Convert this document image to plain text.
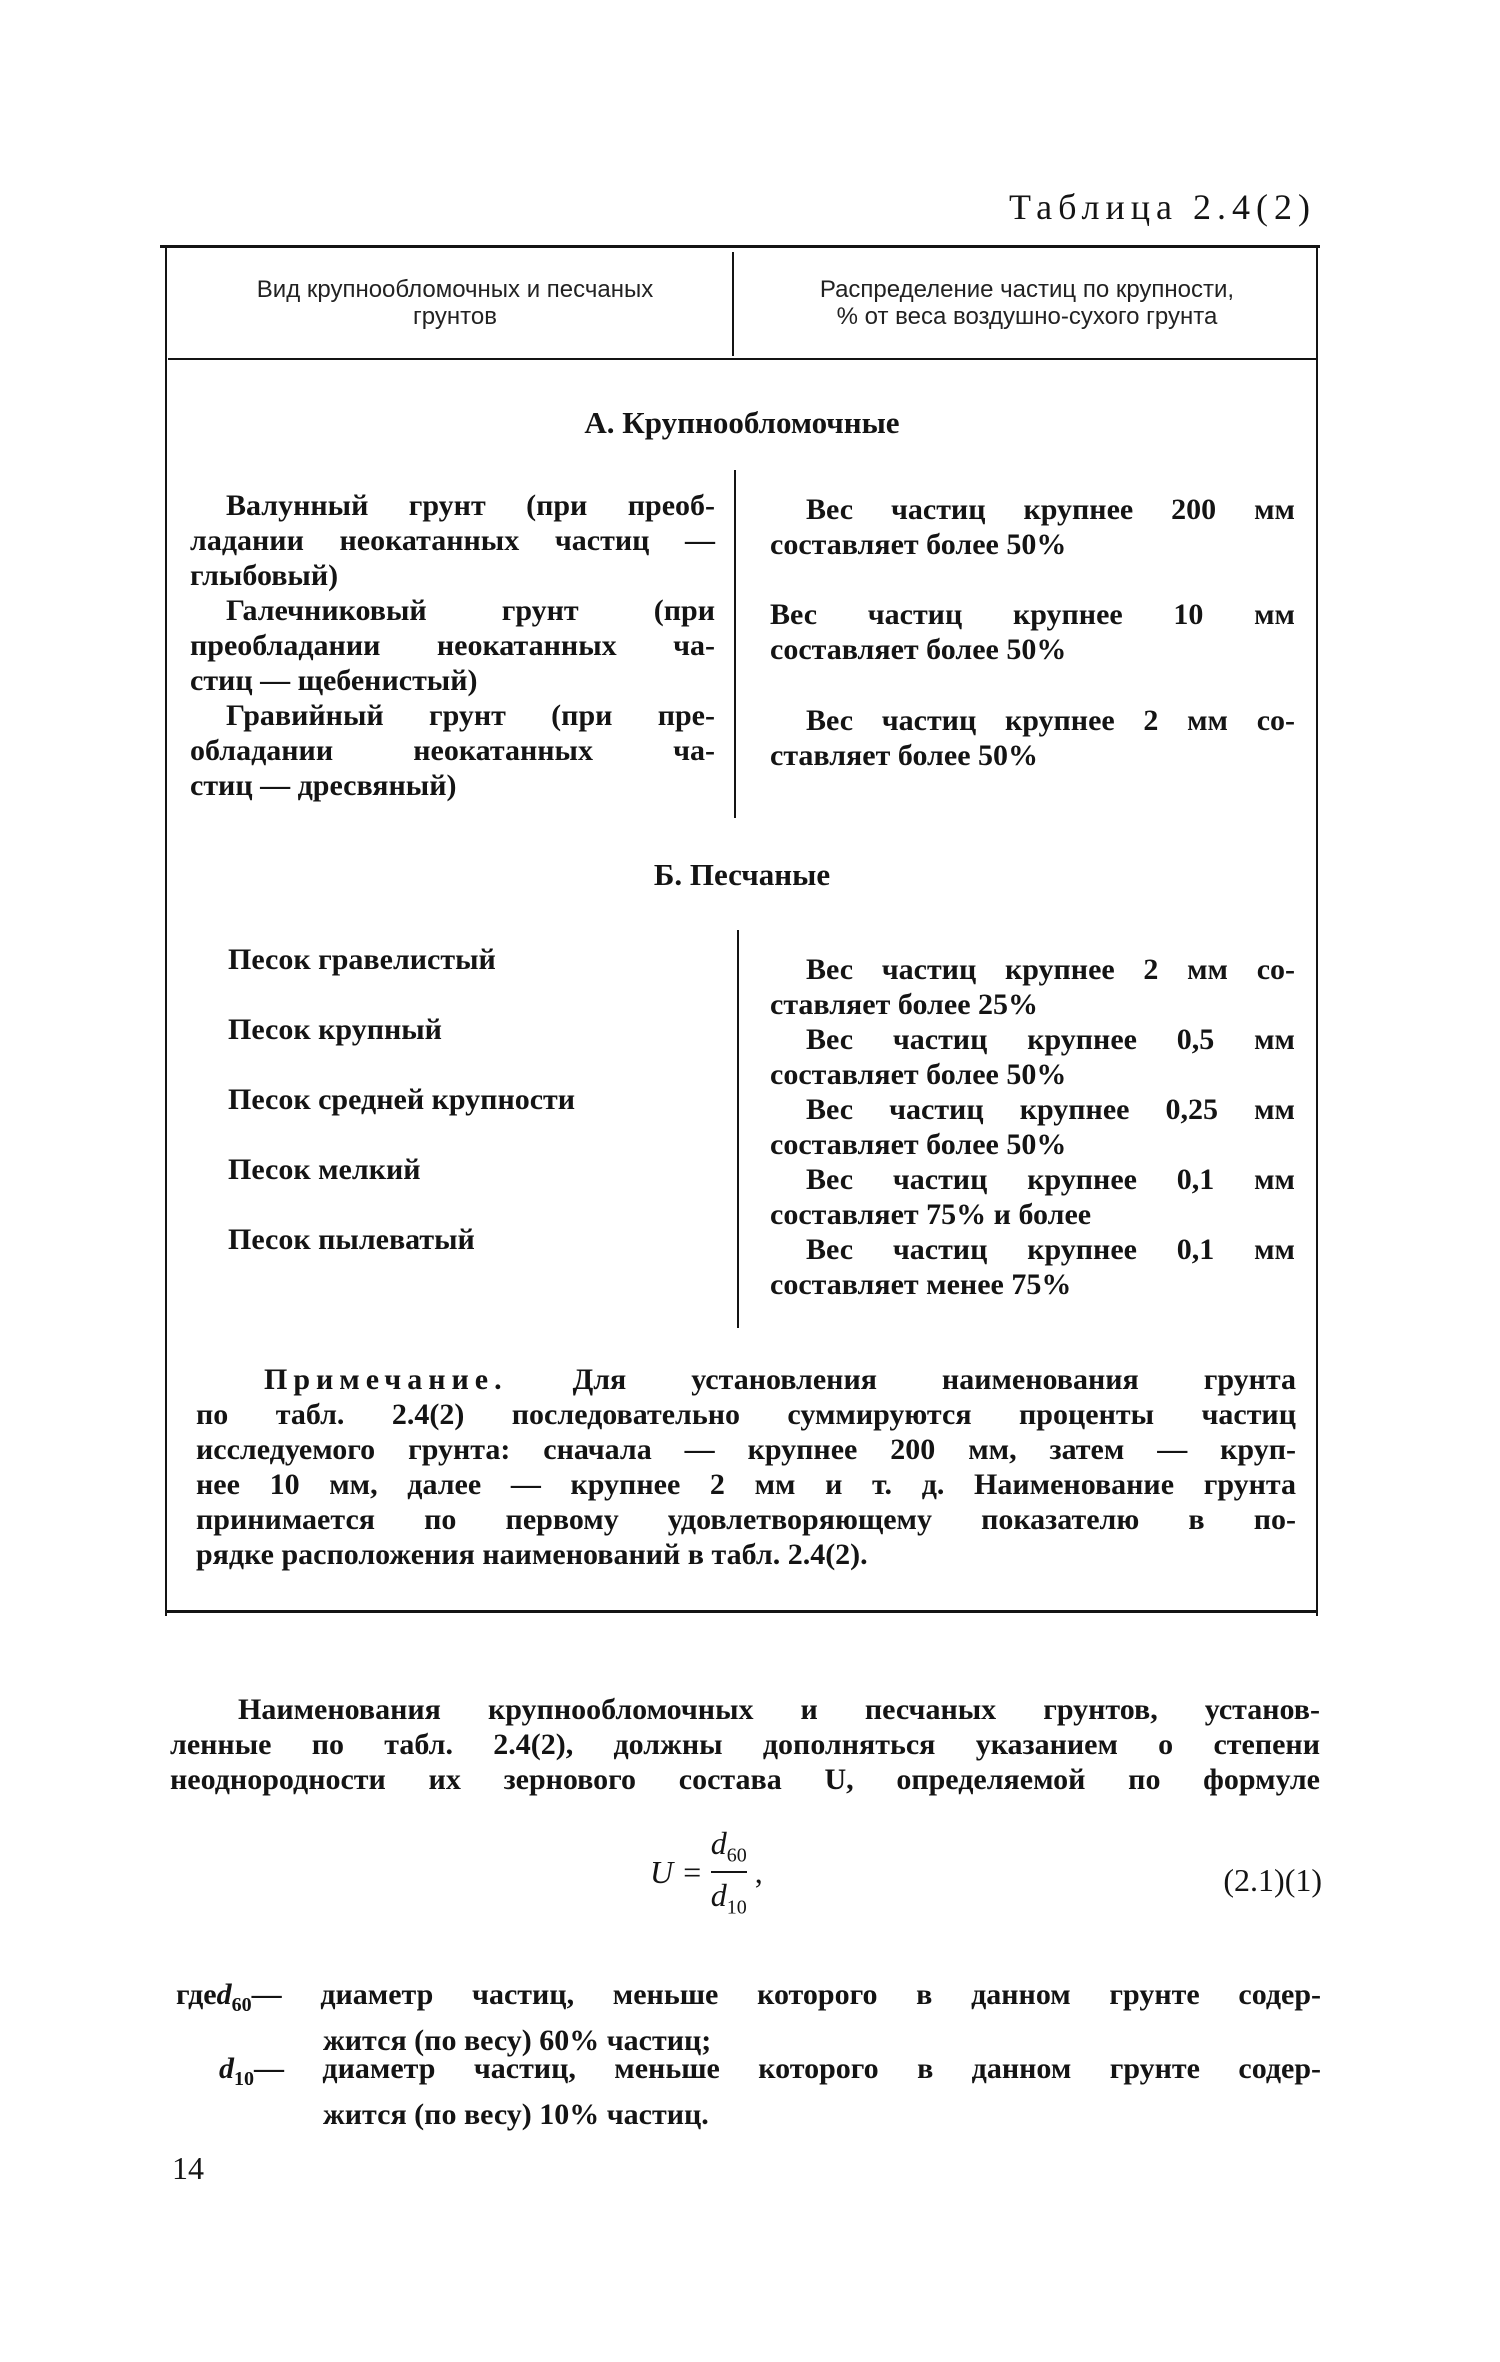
Таблица 2.4(2)
Вид крупнообломочных и песчаных
грунтов
Распределение частиц по крупности,
% от веса воздушно-сухого грунта
А. Крупнообломочные
Валунный грунт (при преоб-
ладании неокатанных частиц —
глыбовый)
Галечниковый грунт (при
преобладании неокатанных ча-
стиц — щебенистый)
Гравийный грунт (при пре-
обладании неокатанных ча-
стиц — дресвяный)
Вес частиц крупнее 200 мм
составляет более 50%
Вес частиц крупнее 10 мм
составляет более 50%
Вес частиц крупнее 2 мм со-
ставляет более 50%
Б. Песчаные
Песок гравелистый
Песок крупный
Песок средней крупности
Песок мелкий
Песок пылеватый
Вес частиц крупнее 2 мм со-
ставляет более 25%
Вес частиц крупнее 0,5 мм
составляет более 50%
Вес частиц крупнее 0,25 мм
составляет более 50%
Вес частиц крупнее 0,1 мм
составляет 75% и более
Вес частиц крупнее 0,1 мм
составляет менее 75%
Примечание. Для установления наименования грунта
по табл. 2.4(2) последовательно суммируются проценты частиц
исследуемого грунта: сначала — крупнее 200 мм, затем — круп-
нее 10 мм, далее — крупнее 2 мм и т. д. Наименование грунта
принимается по первому удовлетворяющему показателю в по-
рядке расположения наименований в табл. 2.4(2).
Наименования крупнообломочных и песчаных грунтов, установ-
ленные по табл. 2.4(2), должны дополняться указанием о степени
неоднородности их зернового состава U, определяемой по формуле
$U = \frac{d_{60}}{d_{10}}$ ,	(2.1)(1)
гдеd$_{60}$— диаметр частиц, меньше которого в данном грунте содер-
жится (по весу) 60% частиц;
$d_{10}—$ диаметр частиц, меньше которого в данном грунте содер-
жится (по весу) 10% частиц.
14
